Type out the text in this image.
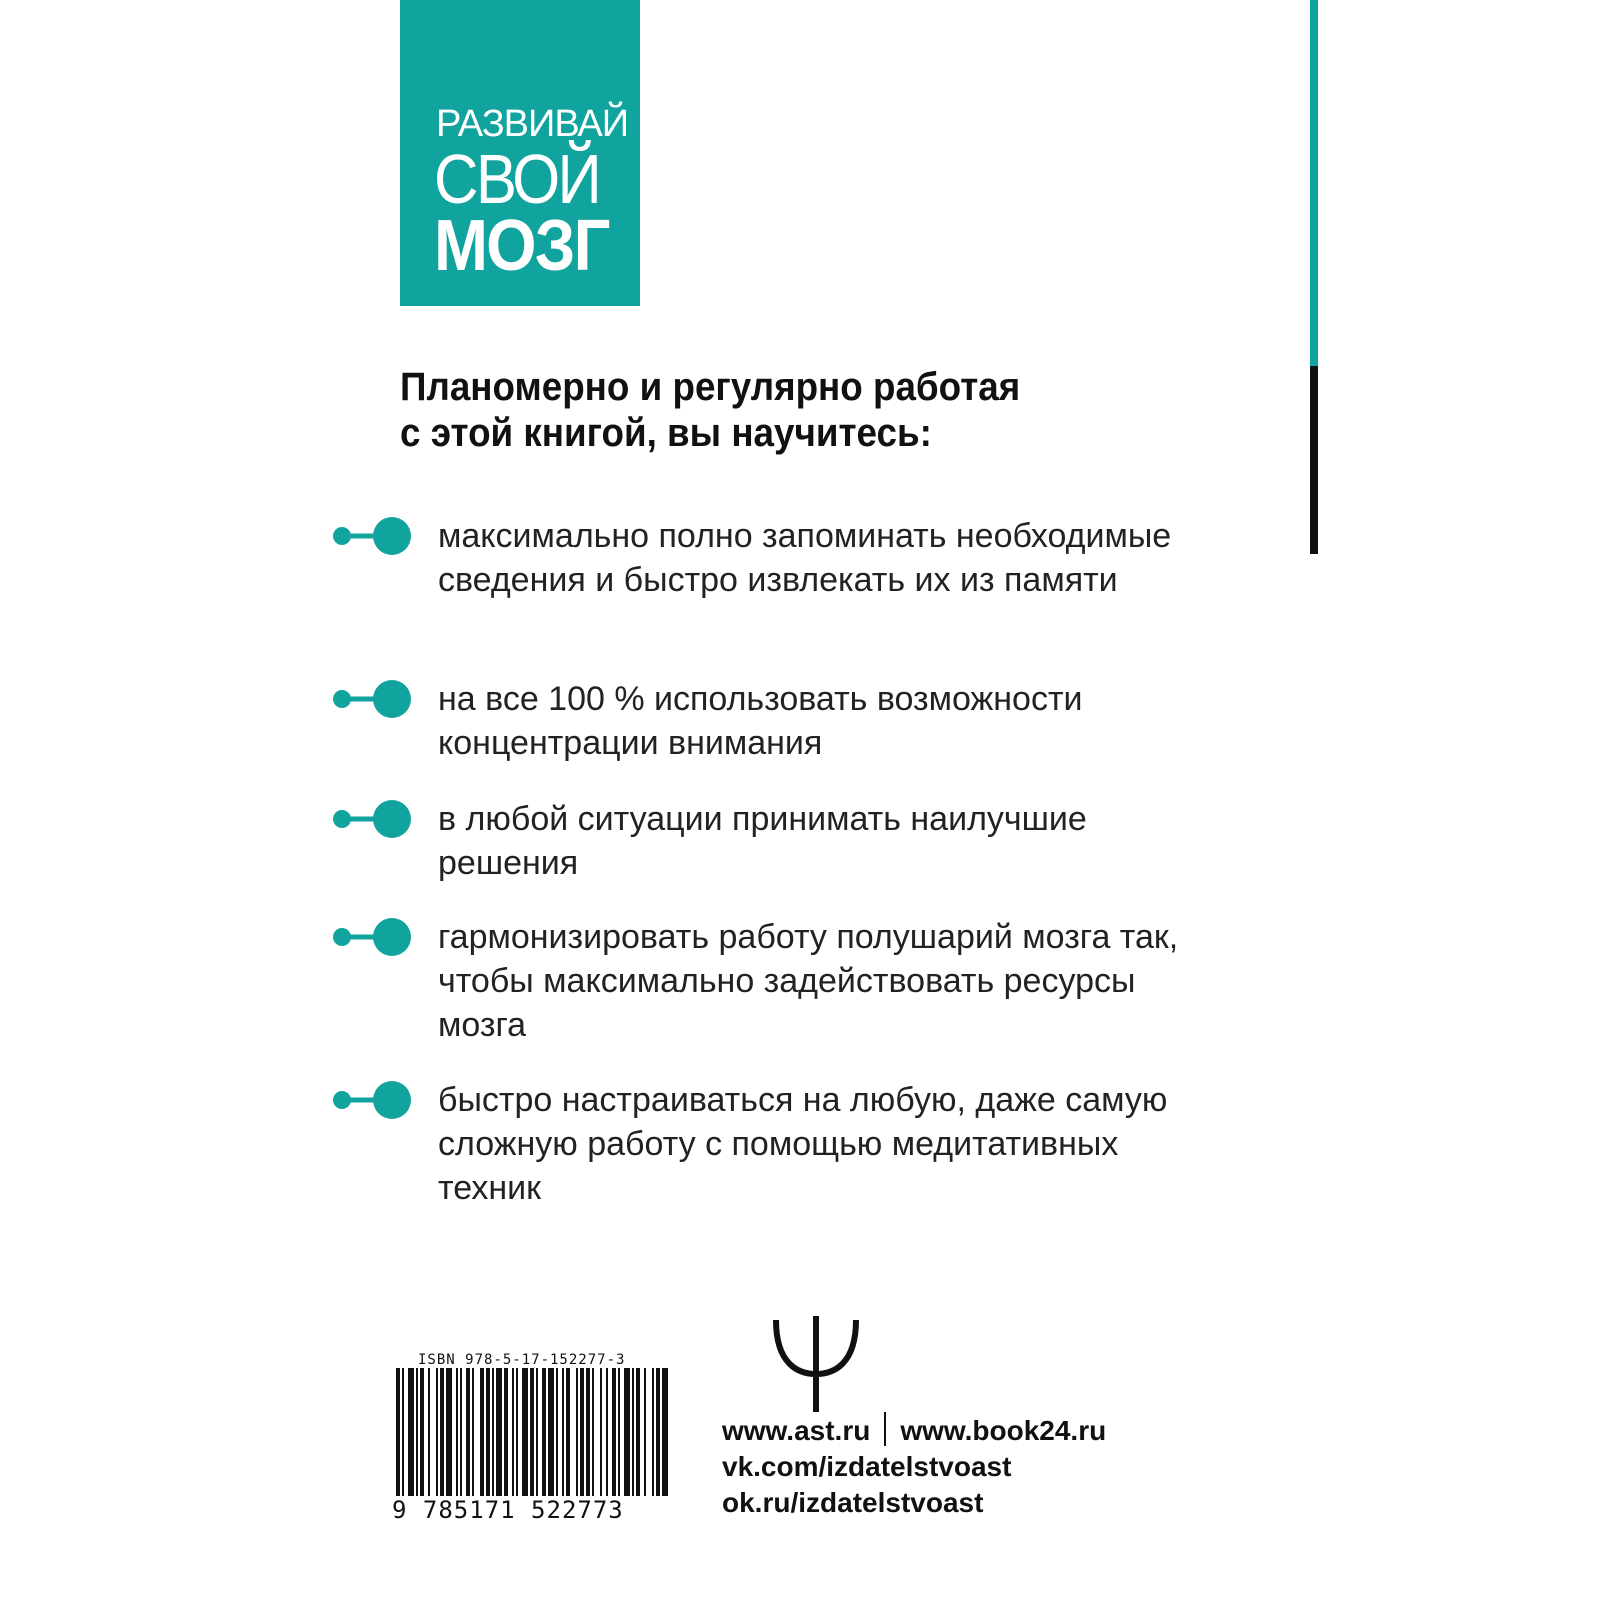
РАЗВИВАЙ
СВОЙ
МОЗГ
Планомерно и регулярно работая
с этой книгой, вы научитесь:
максимально полно запоминать необходимые сведения и быстро извлекать их из памяти
на все 100 % использовать возможности концентрации внимания
в любой ситуации принимать наилучшие решения
гармонизировать работу полушарий мозга так, чтобы максимально задействовать ресурсы мозга
быстро настраиваться на любую, даже самую сложную работу с помощью медитативных техник
ISBN 978-5-17-152277-3
9 785171 522773
www.ast.ru www.book24.ru
vk.com/izdatelstvoast
ok.ru/izdatelstvoast
